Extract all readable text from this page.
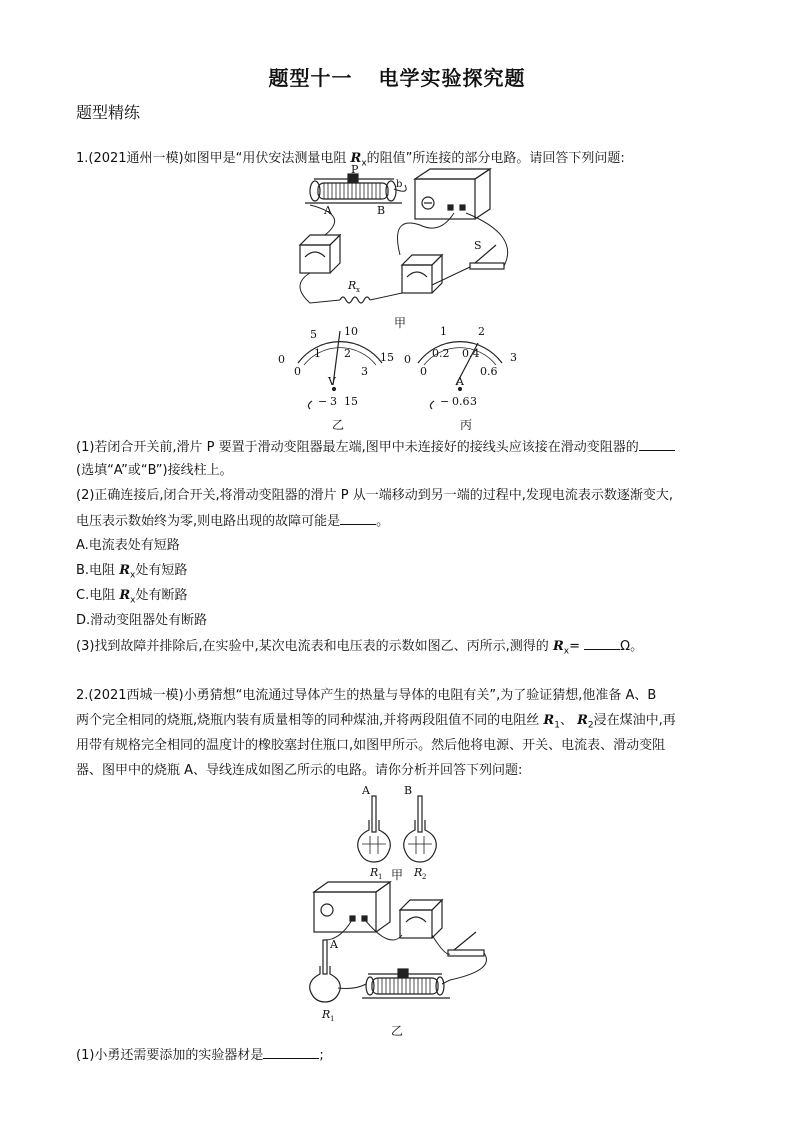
题型十一 电学实验探究题
题型精练
1.(2021通州一模)如图甲是“用伏安法测量电阻 $R_x$的阻值”所连接的部分电路。请回答下列问题:
P
A	B
b
R x
S
甲
0
5 10
15
0
1 2
3
V
− 3 15
乙
0
1	2
3
0
0.2 0.4
0.6
A
− 0.6 3
丙
(1)若闭合开关前,滑片 P 要置于滑动变阻器最左端,图甲中未连接好的接线头应该接在滑动变阻器的
(选填“A”或“B”)接线柱上。
(2)正确连接后,闭合开关,将滑动变阻器的滑片 P 从一端移动到另一端的过程中,发现电流表示数逐渐变大,
电压表示数始终为零,则电路出现的故障可能是	。
A.电流表处有短路
B.电阻 $R_x$处有短路
C.电阻 $R_x$处有断路
D.滑动变阻器处有断路
(3)找到故障并排除后,在实验中,某次电流表和电压表的示数如图乙、丙所示,测得的 $R_x=$	Ω。
2.(2021西城一模)小勇猜想“电流通过导体产生的热量与导体的电阻有关”,为了验证猜想,他准备 A、B
两个完全相同的烧瓶,烧瓶内装有质量相等的同种煤油,并将两段阻值不同的电阻丝 $R_1$、 $R_2$浸在煤油中,再
用带有规格完全相同的温度计的橡胶塞封住瓶口,如图甲所示。然后他将电源、开关、电流表、滑动变阻
器、图甲中的烧瓶 A、导线连成如图乙所示的电路。请你分析并回答下列问题:
A	B
R 1	R 2
甲
A
R 1
乙
(1)小勇还需要添加的实验器材是	;
